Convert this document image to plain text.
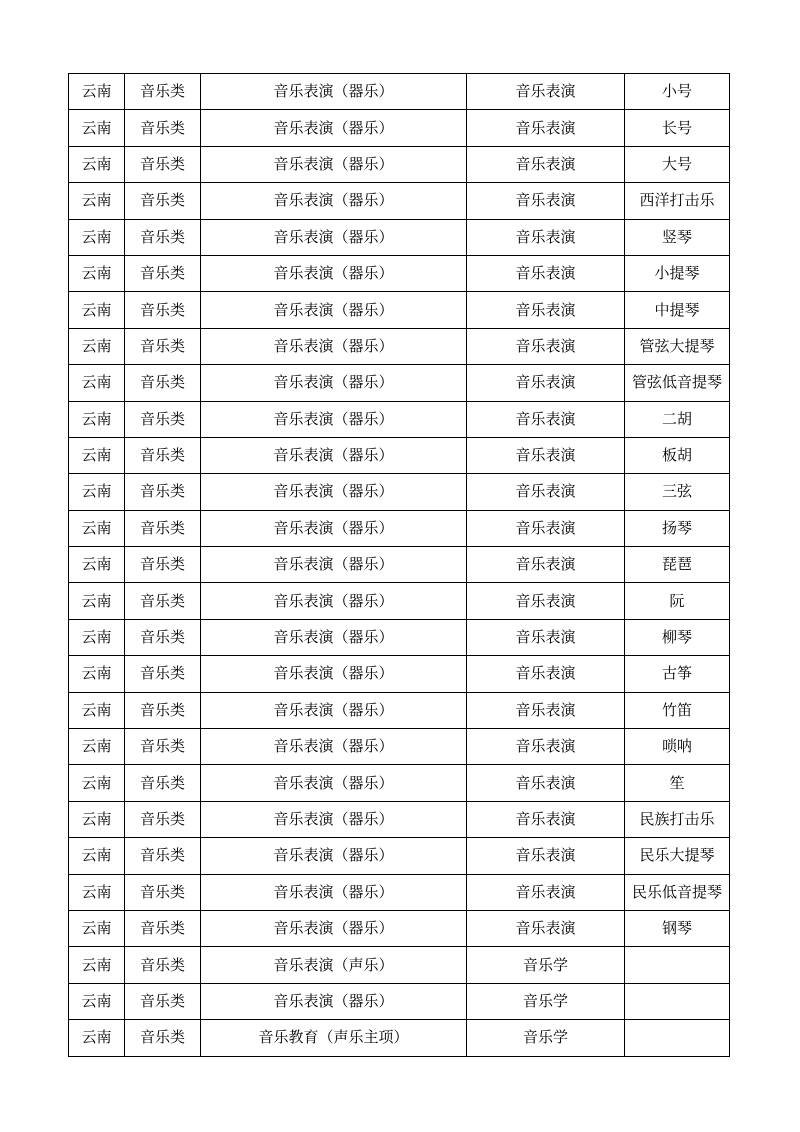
云南	音乐类	音乐表演（器乐）	音乐表演	小号
云南	音乐类	音乐表演（器乐）	音乐表演	长号
云南	音乐类	音乐表演（器乐）	音乐表演	大号
云南	音乐类	音乐表演（器乐）	音乐表演	西洋打击乐
云南	音乐类	音乐表演（器乐）	音乐表演	竖琴
云南	音乐类	音乐表演（器乐）	音乐表演	小提琴
云南	音乐类	音乐表演（器乐）	音乐表演	中提琴
云南	音乐类	音乐表演（器乐）	音乐表演	管弦大提琴
云南	音乐类	音乐表演（器乐）	音乐表演	管弦低音提琴
云南	音乐类	音乐表演（器乐）	音乐表演	二胡
云南	音乐类	音乐表演（器乐）	音乐表演	板胡
云南	音乐类	音乐表演（器乐）	音乐表演	三弦
云南	音乐类	音乐表演（器乐）	音乐表演	扬琴
云南	音乐类	音乐表演（器乐）	音乐表演	琵琶
云南	音乐类	音乐表演（器乐）	音乐表演	阮
云南	音乐类	音乐表演（器乐）	音乐表演	柳琴
云南	音乐类	音乐表演（器乐）	音乐表演	古筝
云南	音乐类	音乐表演（器乐）	音乐表演	竹笛
云南	音乐类	音乐表演（器乐）	音乐表演	唢呐
云南	音乐类	音乐表演（器乐）	音乐表演	笙
云南	音乐类	音乐表演（器乐）	音乐表演	民族打击乐
云南	音乐类	音乐表演（器乐）	音乐表演	民乐大提琴
云南	音乐类	音乐表演（器乐）	音乐表演	民乐低音提琴
云南	音乐类	音乐表演（器乐）	音乐表演	钢琴
云南	音乐类	音乐表演（声乐）	音乐学	
云南	音乐类	音乐表演（器乐）	音乐学	
云南	音乐类	音乐教育（声乐主项）	音乐学	
